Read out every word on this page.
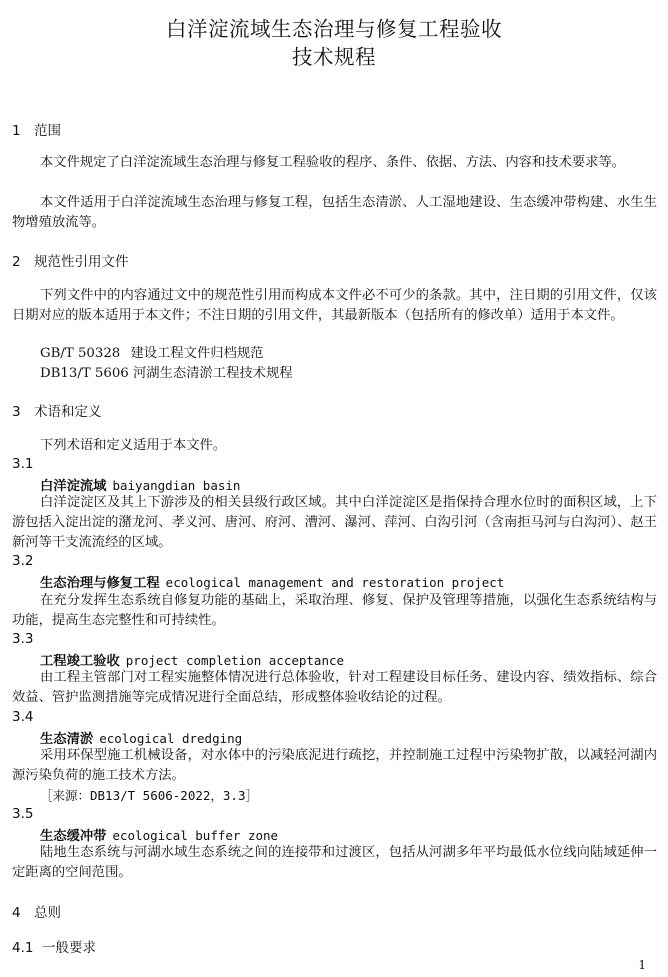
白洋淀流域生态治理与修复工程验收
技术规程
1 范围
本文件规定了白洋淀流域生态治理与修复工程验收的程序、条件、依据、方法、内容和技术要求等。
本文件适用于白洋淀流域生态治理与修复工程，包括生态清淤、人工湿地建设、生态缓冲带构建、水生生物增殖放流等。
2 规范性引用文件
下列文件中的内容通过文中的规范性引用而构成本文件必不可少的条款。其中，注日期的引用文件，仅该日期对应的版本适用于本文件；不注日期的引用文件，其最新版本（包括所有的修改单）适用于本文件。
GB/T 50328 建设工程文件归档规范
DB13/T 5606 河湖生态清淤工程技术规程
3 术语和定义
下列术语和定义适用于本文件。
3.1
白洋淀流域 baiyangdian basin
白洋淀淀区及其上下游涉及的相关县级行政区域。其中白洋淀淀区是指保持合理水位时的面积区域，上下游包括入淀出淀的潴龙河、孝义河、唐河、府河、漕河、瀑河、萍河、白沟引河（含南拒马河与白沟河）、赵王新河等干支流流经的区域。
3.2
生态治理与修复工程 ecological management and restoration project
在充分发挥生态系统自修复功能的基础上，采取治理、修复、保护及管理等措施，以强化生态系统结构与功能，提高生态完整性和可持续性。
3.3
工程竣工验收 project completion acceptance
由工程主管部门对工程实施整体情况进行总体验收，针对工程建设目标任务、建设内容、绩效指标、综合效益、管护监测措施等完成情况进行全面总结，形成整体验收结论的过程。
3.4
生态清淤 ecological dredging
采用环保型施工机械设备，对水体中的污染底泥进行疏挖，并控制施工过程中污染物扩散，以减轻河湖内源污染负荷的施工技术方法。
［来源：DB13/T 5606-2022，3.3］
3.5
生态缓冲带 ecological buffer zone
陆地生态系统与河湖水域生态系统之间的连接带和过渡区，包括从河湖多年平均最低水位线向陆域延伸一定距离的空间范围。
4 总则
4.1 一般要求
1
